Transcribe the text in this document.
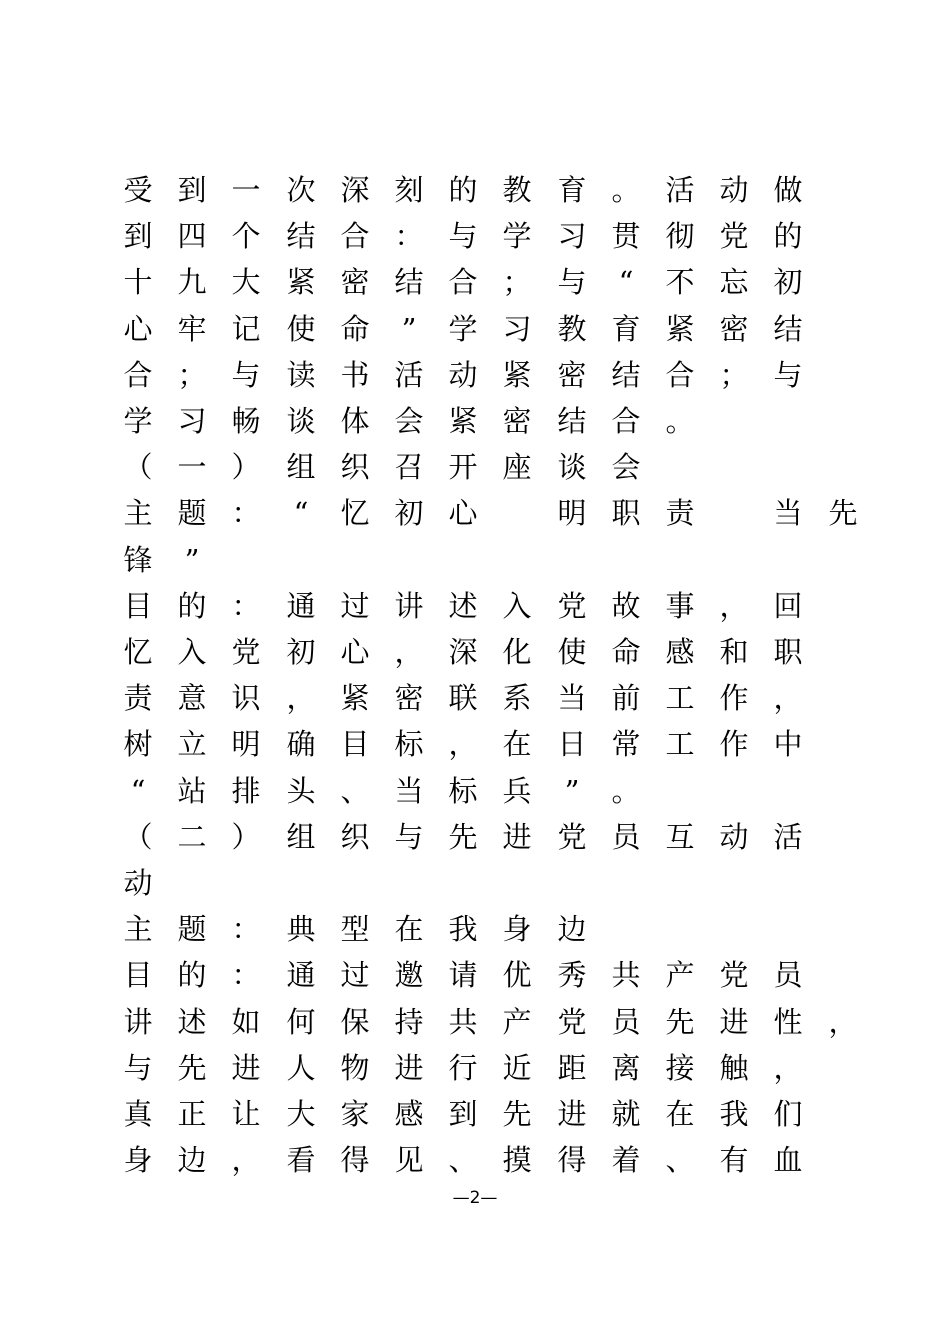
受 到 一 次 深 刻 的 教 育 。 活 动 做
到 四 个 结 合 ： 与 学 习 贯 彻 党 的
十 九 大 紧 密 结 合 ； 与 “ 不 忘 初
心 牢 记 使 命 ” 学 习 教 育 紧 密 结
合 ； 与 读 书 活 动 紧 密 结 合 ； 与
学 习 畅 谈 体 会 紧 密 结 合 。
（ 一 ） 组 织 召 开 座 谈 会
主 题 ： “ 忆 初 心
　	明 职 责
　	当 先
锋 ”
目 的 ： 通 过 讲 述 入 党 故 事 ， 回
忆 入 党 初 心 ， 深 化 使 命 感 和 职
责 意 识 ， 紧 密 联 系 当 前 工 作 ，
树 立 明 确 目 标 ， 在 日 常 工 作 中
“ 站 排 头 、 当 标 兵 ” 。
（ 二 ） 组 织 与 先 进 党 员 互 动 活
动
主 题 ： 典 型 在 我 身 边
目 的 ： 通 过 邀 请 优 秀 共 产 党 员
讲 述 如 何 保 持 共 产 党 员 先 进 性 ，
与 先 进 人 物 进 行 近 距 离 接 触 ，
真 正 让 大 家 感 到 先 进 就 在 我 们
身 边 ， 看 得 见 、 摸 得 着 、 有 血
—2—
